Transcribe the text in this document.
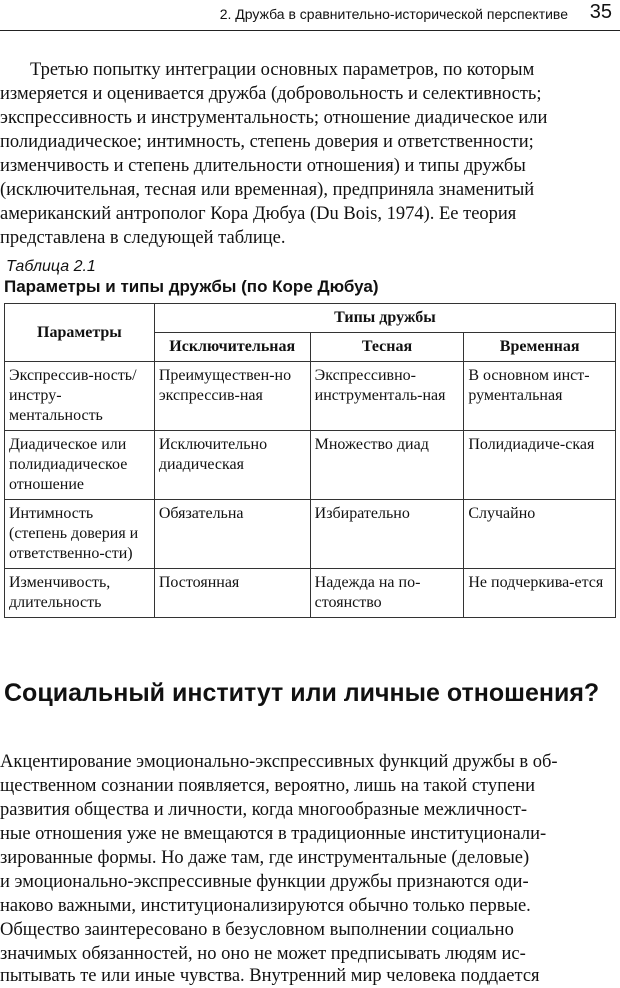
2. Дружба в сравнительно-исторической перспективе 35
Третью попытку интеграции основных параметров, по которым
измеряется и оценивается дружба (добровольность и селективность;
экспрессивность и инструментальность; отношение диадическое или
полидиадическое; интимность, степень доверия и ответственности;
изменчивость и степень длительности отношения) и типы дружбы
(исключительная, тесная или временная), предприняла знаменитый
американский антрополог Кора Дюбуа (Du Bois, 1974). Ее теория
представлена в следующей таблице.
Таблица 2.1
Параметры и типы дружбы (по Коре Дюбуа)
Параметры	Типы дружбы		
	Исключительная	Тесная	Временная
Экспрессив-ность/инстру-ментальность	Преимуществен-но экспрессив-ная	Экспрессивно-инструменталь-ная	В основном инст-рументальная
Диадическое или полидиадическое отношение	Исключительно диадическая	Множество диад	Полидиадиче-ская
Интимность (степень доверия и ответственно-сти)	Обязательна	Избирательно	Случайно
Изменчивость, длительность	Постоянная	Надежда на по-стоянство	Не подчеркива-ется
Социальный институт или личные отношения?
Акцентирование эмоционально-экспрессивных функций дружбы в об-
щественном сознании появляется, вероятно, лишь на такой ступени
развития общества и личности, когда многообразные межличност-
ные отношения уже не вмещаются в традиционные институционали-
зированные формы. Но даже там, где инструментальные (деловые)
и эмоционально-экспрессивные функции дружбы признаются оди-
наково важными, институционализируются обычно только первые.
Общество заинтересовано в безусловном выполнении социально
значимых обязанностей, но оно не может предписывать людям ис-
пытывать те или иные чувства. Внутренний мир человека поддается
